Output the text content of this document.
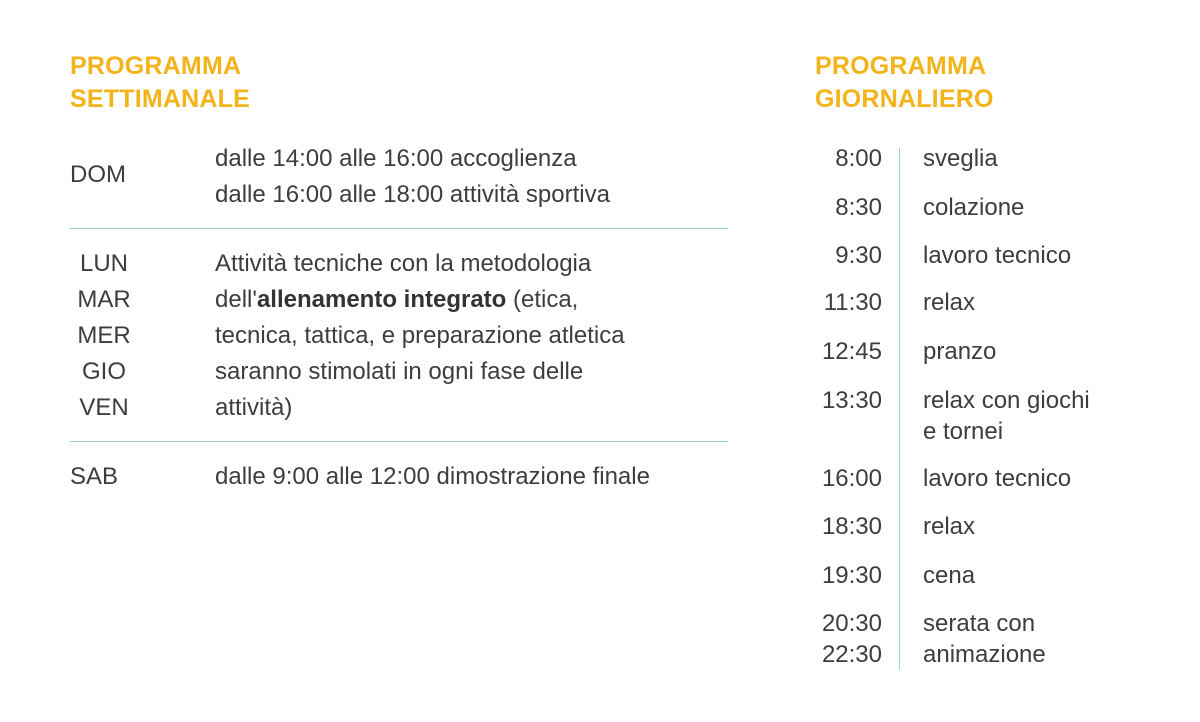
PROGRAMMA
SETTIMANALE
DOM
dalle 14:00 alle 16:00 accoglienza
dalle 16:00 alle 18:00 attività sportiva
LUN
MAR
MER
GIO
VEN
Attività tecniche con la metodologia
dell'allenamento integrato (etica,
tecnica, tattica, e preparazione atletica
saranno stimolati in ogni fase delle
attività)
SAB	dalle 9:00 alle 12:00 dimostrazione finale
PROGRAMMA
GIORNALIERO
8:00 sveglia
8:30 colazione
9:30 lavoro tecnico
11:30 relax
12:45 pranzo
13:30 relax con giochi
e tornei
16:00 lavoro tecnico
18:30 relax
19:30 cena
20:30
22:30
serata con
animazione
